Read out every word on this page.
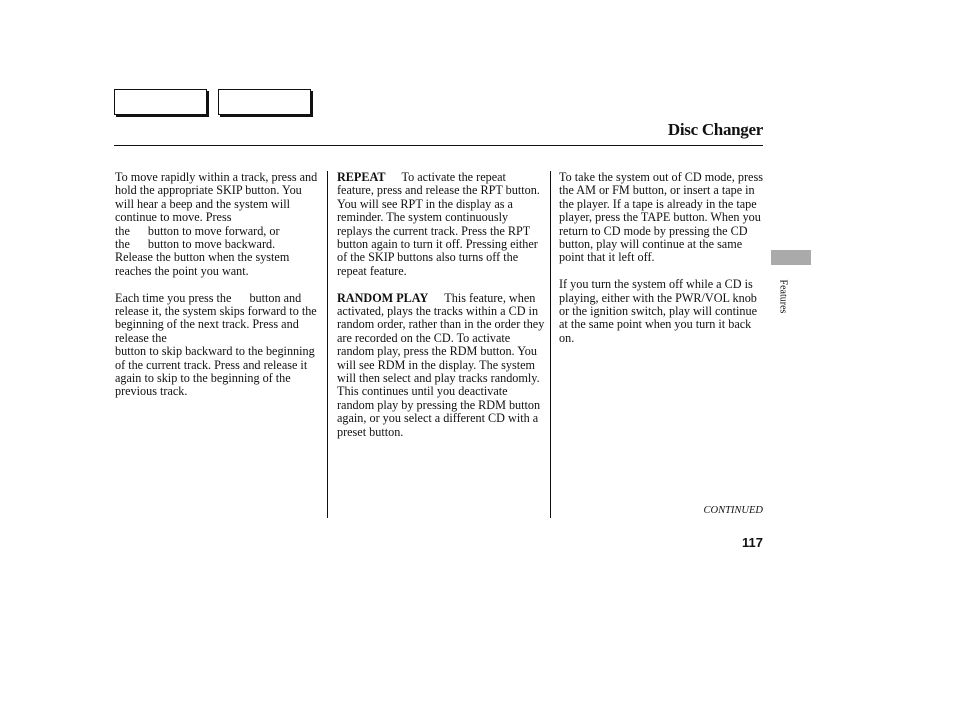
Disc Changer

To move rapidly within a track, press and hold the appropriate SKIP button. You will hear a beep and the system will continue to move. Press
the button to move forward, or
the button to move backward.
Release the button when the system reaches the point you want.

Each time you press the button and release it, the system skips forward to the beginning of the next track. Press and release the
button to skip backward to the beginning of the current track. Press and release it again to skip to the beginning of the previous track.

REPEAT To activate the repeat feature, press and release the RPT button. You will see RPT in the display as a reminder. The system continuously replays the current track. Press the RPT button again to turn it off. Pressing either of the SKIP buttons also turns off the repeat feature.

RANDOM PLAY This feature, when activated, plays the tracks within a CD in random order, rather than in the order they are recorded on the CD. To activate random play, press the RDM button. You will see RDM in the display. The system will then select and play tracks randomly. This continues until you deactivate random play by pressing the RDM button again, or you select a different CD with a preset button.

To take the system out of CD mode, press the AM or FM button, or insert a tape in the player. If a tape is already in the tape player, press the TAPE button. When you return to CD mode by pressing the CD button, play will continue at the same point that it left off.

If you turn the system off while a CD is playing, either with the PWR/VOL knob or the ignition switch, play will continue at the same point when you turn it back on.

Features
CONTINUED
117
